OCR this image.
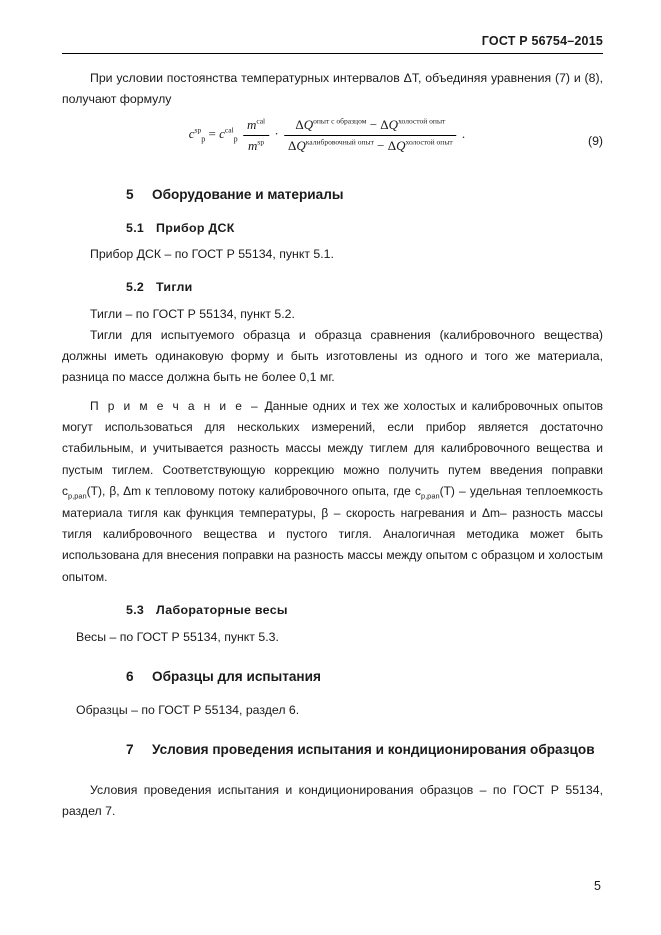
ГОСТ Р 56754–2015

При условии постоянства температурных интервалов ΔT, объединяя уравнения (7) и (8), получают формулу

$c^{sp}_p = c^{cal}_p \frac{m^{cal}}{m^{sp}} \cdot \frac{\Delta Q^{опыт с образцом} - \Delta Q^{холостой опыт}}{\Delta Q^{калибровочный опыт} - \Delta Q^{холостой опыт}}$ .	(9)
5 Оборудование и материалы
5.1 Прибор ДСК

Прибор ДСК – по ГОСТ Р 55134, пункт 5.1.

5.2 Тигли

Тигли – по ГОСТ Р 55134, пункт 5.2.

Тигли для испытуемого образца и образца сравнения (калибровочного вещества) должны иметь одинаковую форму и быть изготовлены из одного и того же материала, разница по массе должна быть не более 0,1 мг.

П р и м е ч а н и е – Данные одних и тех же холостых и калибровочных опытов могут использоваться для нескольких измерений, если прибор является достаточно стабильным, и учитывается разность массы между тиглем для калибровочного вещества и пустым тиглем. Соответствующую коррекцию можно получить путем введения поправки $c_{p,pan}(T)$, β, Δm к тепловому потоку калибровочного опыта, где $c_{p,pan}(T)$ – удельная теплоемкость материала тигля как функция температуры, β – скорость нагревания и Δm– разность массы тигля калибровочного вещества и пустого тигля. Аналогичная методика может быть использована для внесения поправки на разность массы между опытом с образцом и холостым опытом.

5.3 Лабораторные весы

Весы – по ГОСТ Р 55134, пункт 5.3.

6 Образцы для испытания

Образцы – по ГОСТ Р 55134, раздел 6.

7 Условия проведения испытания и кондиционирования образцов

Условия проведения испытания и кондиционирования образцов – по ГОСТ Р 55134, раздел 7.

5
